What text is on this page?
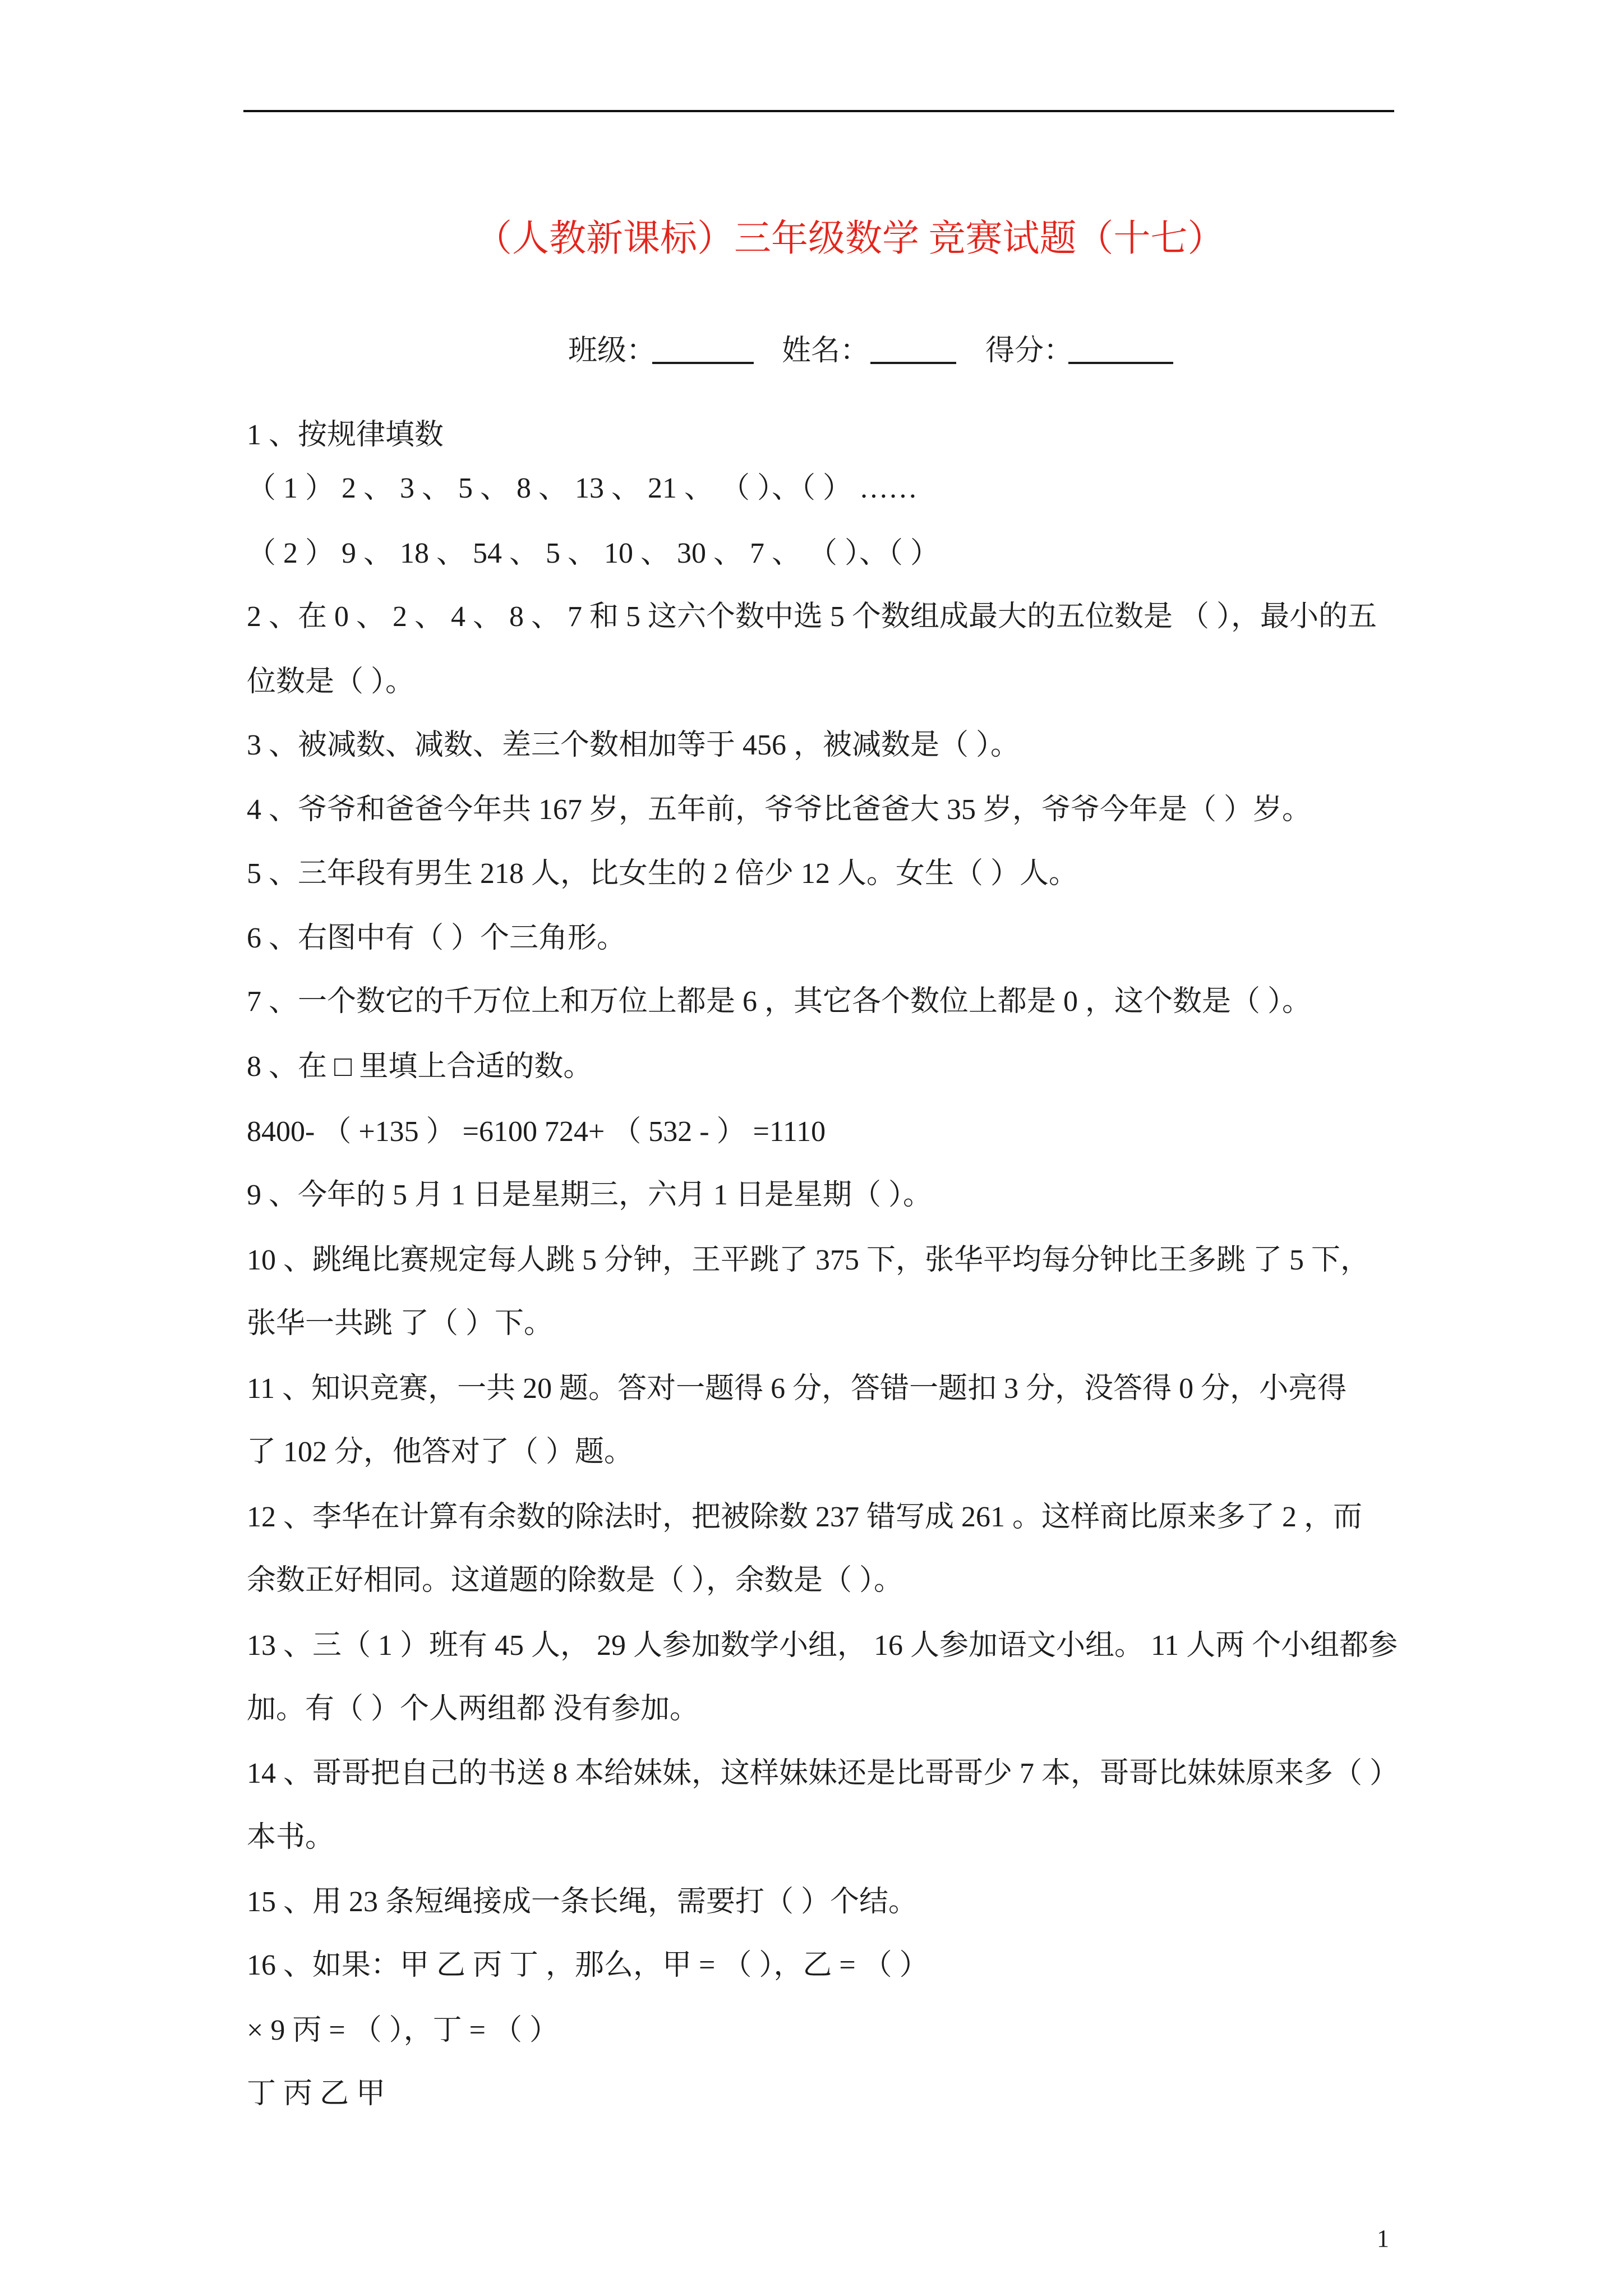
（人教新课标）三年级数学 竞赛试题（十七）
班级：	姓名：	得分：
1 、按规律填数
（ 1 ） 2 、 3 、 5 、 8 、 13 、 21 、 （ ）、（ ） ……
（ 2 ） 9 、 18 、 54 、 5 、 10 、 30 、 7 、 （ ）、（ ）
2 、在 0 、 2 、 4 、 8 、 7 和 5 这六个数中选 5 个数组成最大的五位数是 （ ），最小的五
位数是（ ）。
3 、被减数、减数、差三个数相加等于 456 ，被减数是（ ）。
4 、爷爷和爸爸今年共 167 岁，五年前，爷爷比爸爸大 35 岁，爷爷今年是（ ）岁。
5 、三年段有男生 218 人，比女生的 2 倍少 12 人。女生（ ）人。
6 、右图中有（ ）个三角形。
7 、一个数它的千万位上和万位上都是 6 ，其它各个数位上都是 0 ，这个数是（ ）。
8 、在 □ 里填上合适的数。
8400- （ +135 ） =6100 724+ （ 532 - ） =1110
9 、今年的 5 月 1 日是星期三，六月 1 日是星期（ ）。
10 、跳绳比赛规定每人跳 5 分钟，王平跳了 375 下，张华平均每分钟比王多跳 了 5 下，
张华一共跳 了（ ）下。
11 、知识竞赛，一共 20 题。答对一题得 6 分，答错一题扣 3 分，没答得 0 分，小亮得
了 102 分，他答对了（ ）题。
12 、李华在计算有余数的除法时，把被除数 237 错写成 261 。这样商比原来多了 2 ，而
余数正好相同。这道题的除数是（ ），余数是（ ）。
13 、三（ 1 ）班有 45 人， 29 人参加数学小组， 16 人参加语文小组。 11 人两 个小组都参
加。有（ ）个人两组都 没有参加。
14 、哥哥把自己的书送 8 本给妹妹，这样妹妹还是比哥哥少 7 本，哥哥比妹妹原来多（ ）
本书。
15 、用 23 条短绳接成一条长绳，需要打（ ）个结。
16 、如果：甲 乙 丙 丁 ，那么，甲 = （ ），乙 = （ ）
× 9 丙 = （ ），丁 = （ ）
丁 丙 乙 甲
1
